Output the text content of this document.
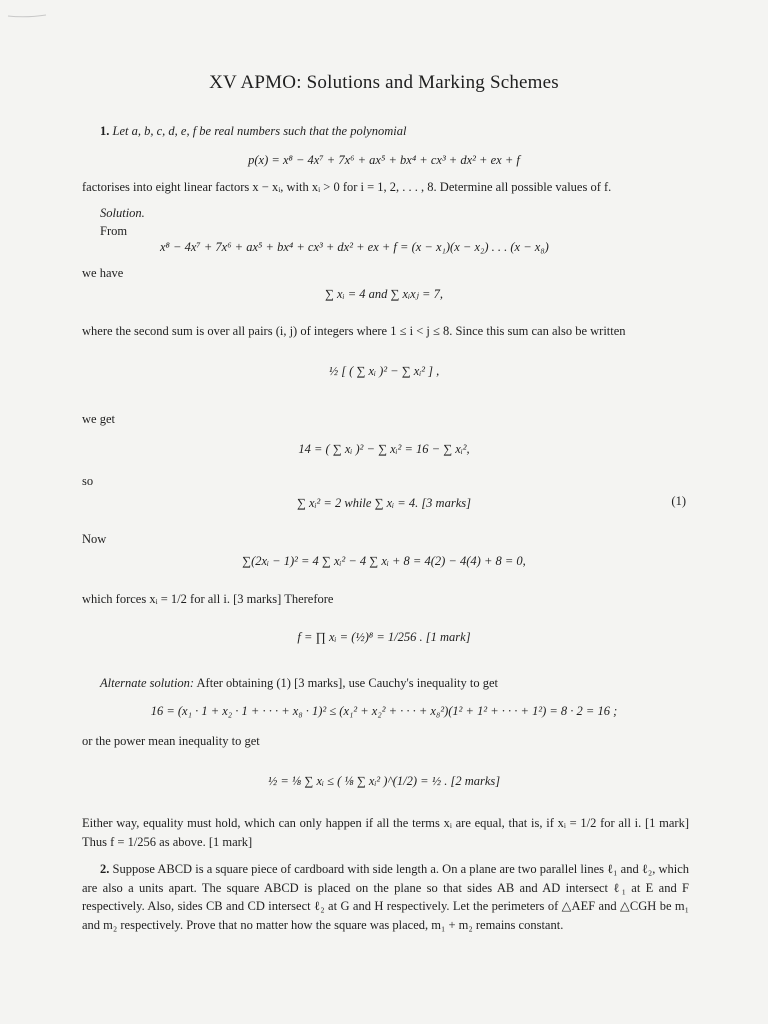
XV APMO: Solutions and Marking Schemes
1. Let a, b, c, d, e, f be real numbers such that the polynomial
p(x) = x⁸ − 4x⁷ + 7x⁶ + ax⁵ + bx⁴ + cx³ + dx² + ex + f
factorises into eight linear factors x − xᵢ, with xᵢ > 0 for i = 1, 2, . . . , 8. Determine all possible values of f.
Solution.
From
x⁸ − 4x⁷ + 7x⁶ + ax⁵ + bx⁴ + cx³ + dx² + ex + f = (x − x₁)(x − x₂) . . . (x − x₈)
we have
∑ xᵢ = 4 and ∑ xᵢxⱼ = 7,
where the second sum is over all pairs (i, j) of integers where 1 ≤ i < j ≤ 8. Since this sum can also be written
½ [ ( ∑ xᵢ )² − ∑ xᵢ² ] ,
we get
14 = ( ∑ xᵢ )² − ∑ xᵢ² = 16 − ∑ xᵢ²,
so
∑ xᵢ² = 2 while ∑ xᵢ = 4. [3 marks]	(1)
Now
∑(2xᵢ − 1)² = 4 ∑ xᵢ² − 4 ∑ xᵢ + 8 = 4(2) − 4(4) + 8 = 0,
which forces xᵢ = 1/2 for all i. [3 marks] Therefore
f = ∏ xᵢ = (½)⁸ = 1/256 . [1 mark]
Alternate solution: After obtaining (1) [3 marks], use Cauchy's inequality to get
16 = (x₁ · 1 + x₂ · 1 + · · · + x₈ · 1)² ≤ (x₁² + x₂² + · · · + x₈²)(1² + 1² + · · · + 1²) = 8 · 2 = 16 ;
or the power mean inequality to get
½ = ⅛ ∑ xᵢ ≤ ( ⅛ ∑ xᵢ² )^(1/2) = ½ . [2 marks]
Either way, equality must hold, which can only happen if all the terms xᵢ are equal, that is, if xᵢ = 1/2 for all i. [1 mark] Thus f = 1/256 as above. [1 mark]
2. Suppose ABCD is a square piece of cardboard with side length a. On a plane are two parallel lines ℓ₁ and ℓ₂, which are also a units apart. The square ABCD is placed on the plane so that sides AB and AD intersect ℓ₁ at E and F respectively. Also, sides CB and CD intersect ℓ₂ at G and H respectively. Let the perimeters of △AEF and △CGH be m₁ and m₂ respectively. Prove that no matter how the square was placed, m₁ + m₂ remains constant.
